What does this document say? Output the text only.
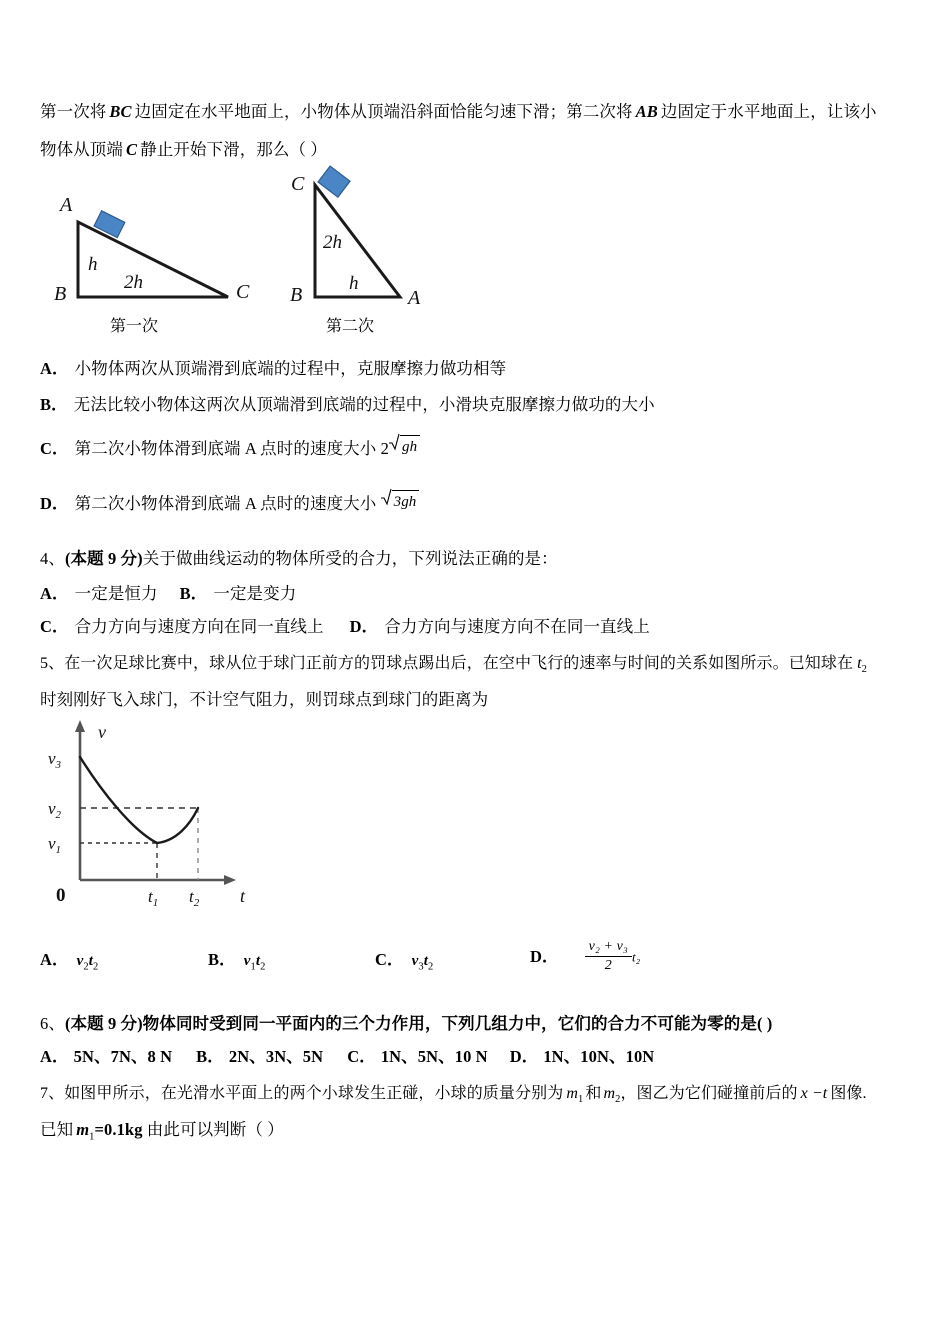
第一次将 BC 边固定在水平地面上，小物体从顶端沿斜面恰能匀速下滑；第二次将 AB 边固定于水平地面上，让该小
物体从顶端 C 静止开始下滑，那么（ ）
A
B	C
h
2h
第一次
C
B	A
2h
h
第二次
A． 小物体两次从顶端滑到底端的过程中，克服摩擦力做功相等
B． 无法比较小物体这两次从顶端滑到底端的过程中，小滑块克服摩擦力做功的大小
C． 第二次小物体滑到底端 A 点时的速度大小 2 gh
D． 第二次小物体滑到底端 A 点时的速度大小
3gh
4、(本题 9 分)关于做曲线运动的物体所受的合力，下列说法正确的是：
A． 一定是恒力 B． 一定是变力
C． 合力方向与速度方向在同一直线上 D． 合力方向与速度方向不在同一直线上
5、在一次足球比赛中，球从位于球门正前方的罚球点踢出后，在空中飞行的速率与时间的关系如图所示。已知球在 $t_2$
时刻刚好飞入球门，不计空气阻力，则罚球点到球门的距离为
v
t
0
$v_3$
$v_2$
$v_1$
$t_1$ $t_2$
A． $v_2t_2$	B． $v_1t_2$	C． $v_3t_2$
D． $\frac{\text{v₂ + v₃}}{2} t_2$
6、(本题 9 分)物体同时受到同一平面内的三个力作用，下列几组力中，它们的合力不可能为零的是( )
A． 5N、7N、8 N B． 2N、3N、5N C． 1N、5N、10 N D． 1N、10N、10N
7、如图甲所示，在光滑水平面上的两个小球发生正碰，小球的质量分别为 $m_1$ 和 $m_2$，图乙为它们碰撞前后的 x −t 图像.
已知 $m_1=0.1kg$ 由此可以判断（ ）
